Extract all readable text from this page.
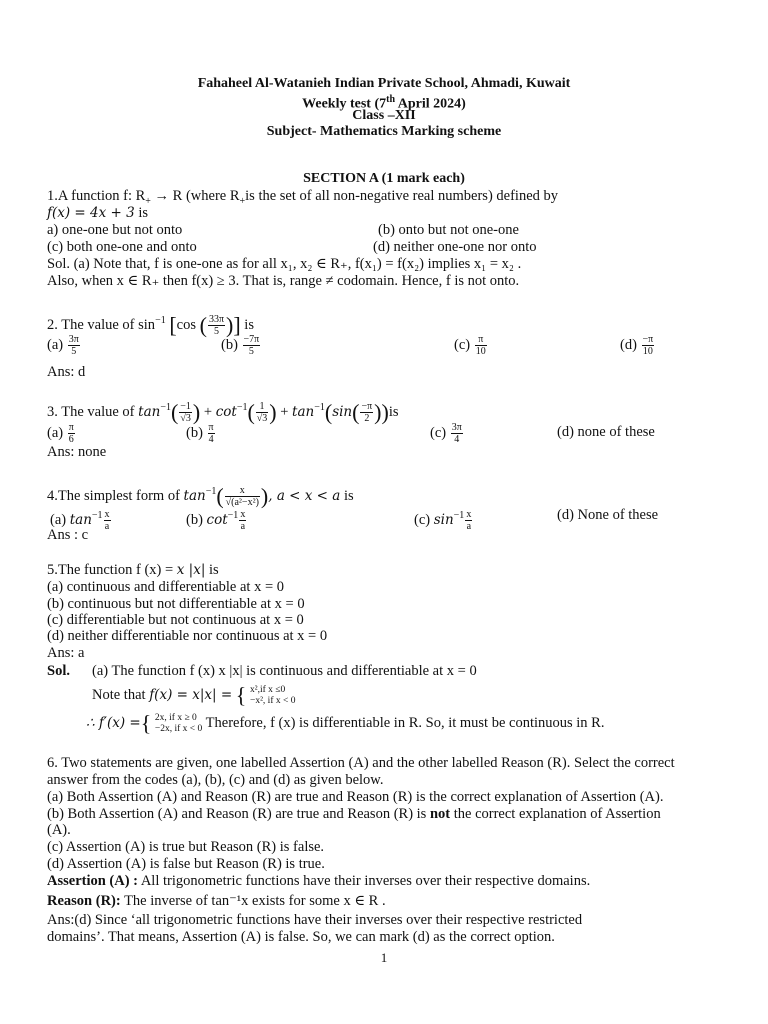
Fahaheel Al-Watanieh Indian Private School, Ahmadi, Kuwait
Weekly test (7th April 2024)
Class –XII
Subject- Mathematics Marking scheme
SECTION A (1 mark each)
1.A function f: $R_+ \to R$ (where $R_+is$ the set of all non-negative real numbers) defined by
f(x) = 4x + 3 is
a) one-one but not onto	(b) onto but not one-one
(c) both one-one and onto	(d) neither one-one nor onto
Sol. (a) Note that, f is one-one as for all x₁, x₂ ∈ R₊, f(x₁) = f(x₂) implies x₁ = x₂ .
Also, when x ∈ R₊ then f(x) ≥ 3. That is, range ≠ codomain. Hence, f is not onto.
2. The value of $\sin^{-1} [\cos$ ( $\frac{33\pi}{5}$ )] is
$(a) \frac{3\pi}{5}$	$(b) \frac{-7\pi}{5}$	$(c) \frac{\pi}{10}$	$(d) \frac{-\pi}{10}$
Ans: d
3. The value of $\tan^{-1}( \frac{-1}{√3}$ ) + $\cot^{-1}( \frac{1}{√3}$ ) + $\tan^{-1}(\sin( \frac{-\pi}{2} ))is$
$(a) \frac{\pi}{6}$	$(b) \frac{\pi}{4}$	$(c) \frac{3\pi}{4}$	(d) none of these
Ans: none
4.The simplest form of $\tan^{-1}( \frac{x}{\text{√(a²−x²)}}$ ), a < x < a is
(a) $\tan^{-1} \frac{x}{a}$	(b) $\cot^{-1} \frac{x}{a}$	(c) $\sin^{-1} \frac{x}{a}$	(d) None of these
Ans : c
5.The function f (x) = x |x| is
(a) continuous and differentiable at x = 0
(b) continuous but not differentiable at x = 0
(c) differentiable but not continuous at x = 0
(d) neither differentiable nor continuous at x = 0
Ans: a
Sol. (a) The function f (x) x |x| is continuous and differentiable at x = 0
Note that f(x) = x|x| = { x²,if x ≤0
−x², if x < 0
∴ f′(x) ={ 2x, if x ≥ 0
−2x, if x < 0 Therefore, f (x) is differentiable in R. So, it must be continuous in R.
6. Two statements are given, one labelled Assertion (A) and the other labelled Reason (R). Select the correct
answer from the codes (a), (b), (c) and (d) as given below.
(a) Both Assertion (A) and Reason (R) are true and Reason (R) is the correct explanation of Assertion (A).
(b) Both Assertion (A) and Reason (R) are true and Reason (R) is not the correct explanation of Assertion
(A).
(c) Assertion (A) is true but Reason (R) is false.
(d) Assertion (A) is false but Reason (R) is true.
Assertion (A) : All trigonometric functions have their inverses over their respective domains.
Reason (R): The inverse of tan⁻¹x exists for some x ∈ R .
Ans:(d) Since ‘all trigonometric functions have their inverses over their respective restricted
domains’. That means, Assertion (A) is false. So, we can mark (d) as the correct option.
1
